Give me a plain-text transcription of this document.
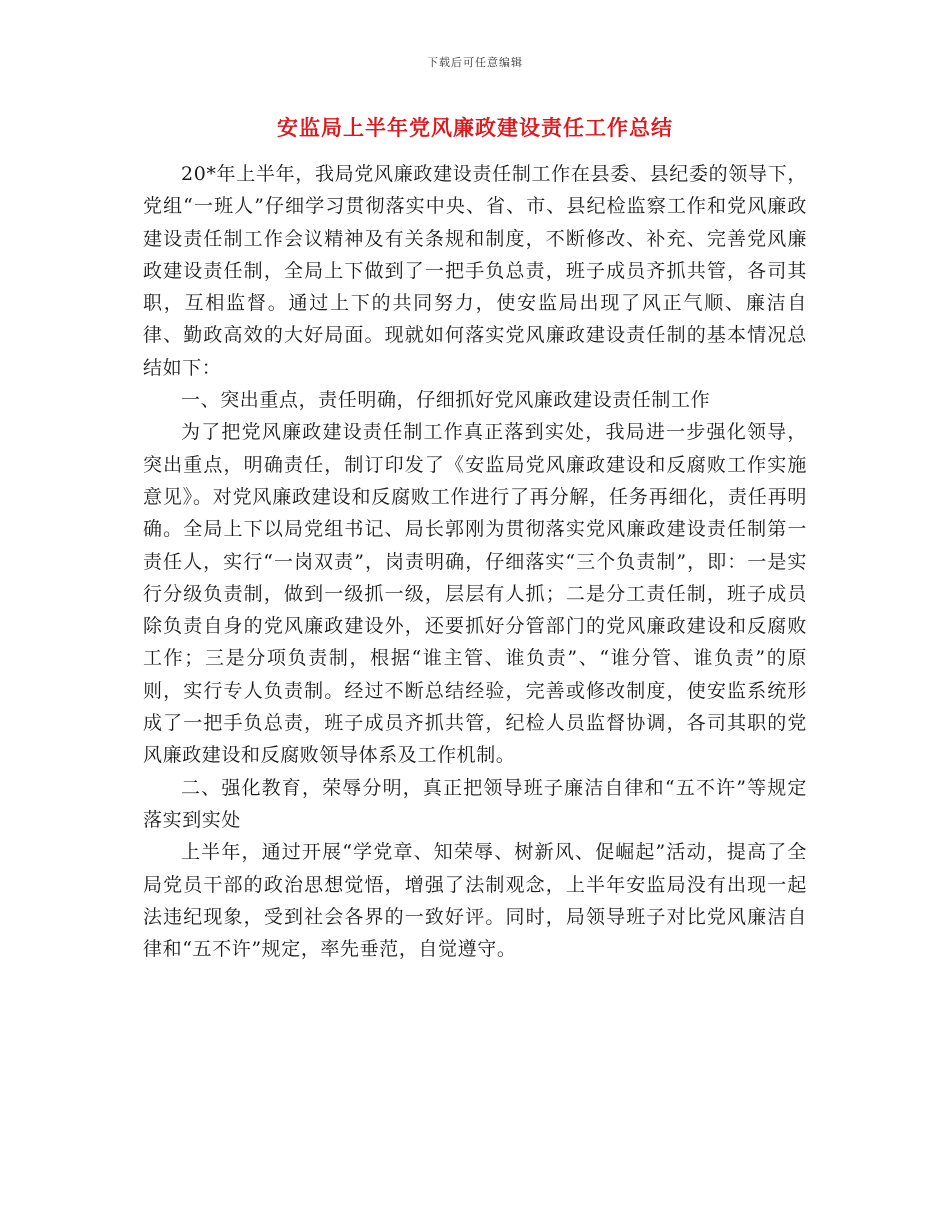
下载后可任意编辑
安监局上半年党风廉政建设责任工作总结

20*年上半年，我局党风廉政建设责任制工作在县委、县纪委的领导下，党组“一班人”仔细学习贯彻落实中央、省、市、县纪检监察工作和党风廉政建设责任制工作会议精神及有关条规和制度，不断修改、补充、完善党风廉政建设责任制，全局上下做到了一把手负总责，班子成员齐抓共管，各司其职，互相监督。通过上下的共同努力，使安监局出现了风正气顺、廉洁自律、勤政高效的大好局面。现就如何落实党风廉政建设责任制的基本情况总结如下：

一、突出重点，责任明确，仔细抓好党风廉政建设责任制工作

为了把党风廉政建设责任制工作真正落到实处，我局进一步强化领导，突出重点，明确责任，制订印发了《安监局党风廉政建设和反腐败工作实施意见》。对党风廉政建设和反腐败工作进行了再分解，任务再细化，责任再明确。全局上下以局党组书记、局长郭刚为贯彻落实党风廉政建设责任制第一责任人，实行“一岗双责”，岗责明确，仔细落实“三个负责制”，即：一是实行分级负责制，做到一级抓一级，层层有人抓；二是分工责任制，班子成员除负责自身的党风廉政建设外，还要抓好分管部门的党风廉政建设和反腐败工作；三是分项负责制，根据“谁主管、谁负责”、“谁分管、谁负责”的原则，实行专人负责制。经过不断总结经验，完善或修改制度，使安监系统形成了一把手负总责，班子成员齐抓共管，纪检人员监督协调，各司其职的党风廉政建设和反腐败领导体系及工作机制。

二、强化教育，荣辱分明，真正把领导班子廉洁自律和“五不许”等规定落实到实处

上半年，通过开展“学党章、知荣辱、树新风、促崛起”活动，提高了全局党员干部的政治思想觉悟，增强了法制观念，上半年安监局没有出现一起法违纪现象，受到社会各界的一致好评。同时，局领导班子对比党风廉洁自律和“五不许”规定，率先垂范，自觉遵守。
